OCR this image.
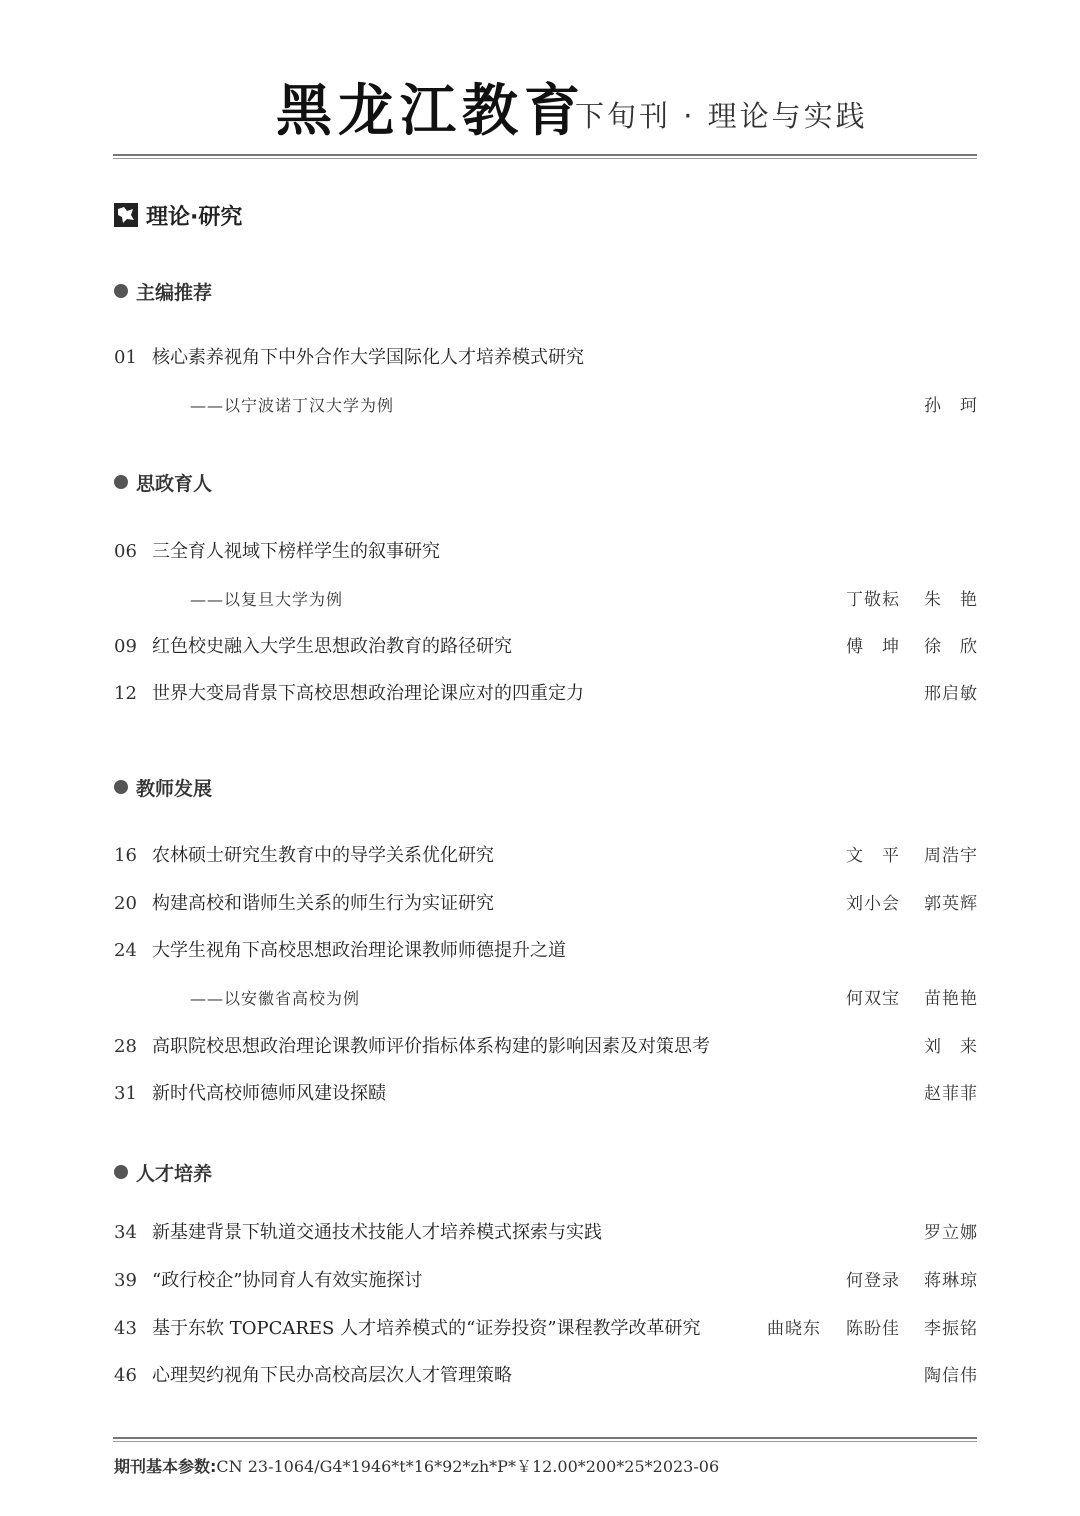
黑龙江教育
下旬刊 · 理论与实践
理论·研究
主编推荐
01 核心素养视角下中外合作大学国际化人才培养模式研究
——以宁波诺丁汉大学为例	孙　珂
思政育人
06 三全育人视域下榜样学生的叙事研究
——以复旦大学为例	丁敬耘 朱　艳
09 红色校史融入大学生思想政治教育的路径研究	傅　坤 徐　欣
12 世界大变局背景下高校思想政治理论课应对的四重定力	邢启敏
教师发展
16 农林硕士研究生教育中的导学关系优化研究	文　平 周浩宇
20 构建高校和谐师生关系的师生行为实证研究	刘小会 郭英辉
24 大学生视角下高校思想政治理论课教师师德提升之道
——以安徽省高校为例	何双宝 苗艳艳
28 高职院校思想政治理论课教师评价指标体系构建的影响因素及对策思考	刘　来
31 新时代高校师德师风建设探赜	赵菲菲
人才培养
34 新基建背景下轨道交通技术技能人才培养模式探索与实践	罗立娜
39 “政行校企”协同育人有效实施探讨	何登录 蒋琳琼
43 基于东软 TOPCARES 人才培养模式的“证券投资”课程教学改革研究	曲晓东 陈盼佳 李振铭
46 心理契约视角下民办高校高层次人才管理策略	陶信伟
期刊基本参数:CN 23-1064/G4*1946*t*16*92*zh*P*￥12.00*200*25*2023-06
